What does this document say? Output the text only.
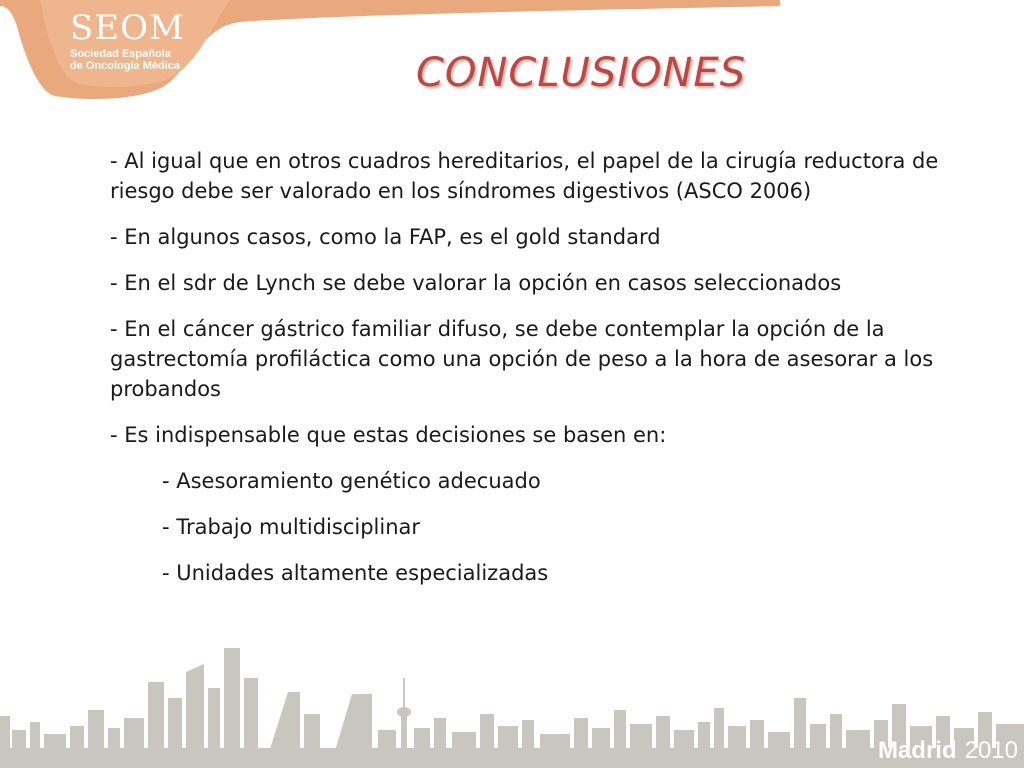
SEOM
Sociedad Española
de Oncología Médica	CONCLUSIONES

- Al igual que en otros cuadros hereditarios, el papel de la cirugía reductora de riesgo debe ser valorado en los síndromes digestivos (ASCO 2006)

- En algunos casos, como la FAP, es el gold standard

- En el sdr de Lynch se debe valorar la opción en casos seleccionados

- En el cáncer gástrico familiar difuso, se debe contemplar la opción de la gastrectomía profiláctica como una opción de peso a la hora de asesorar a los probandos

- Es indispensable que estas decisiones se basen en:

- Asesoramiento genético adecuado

- Trabajo multidisciplinar

- Unidades altamente especializadas

Madrid 2010
